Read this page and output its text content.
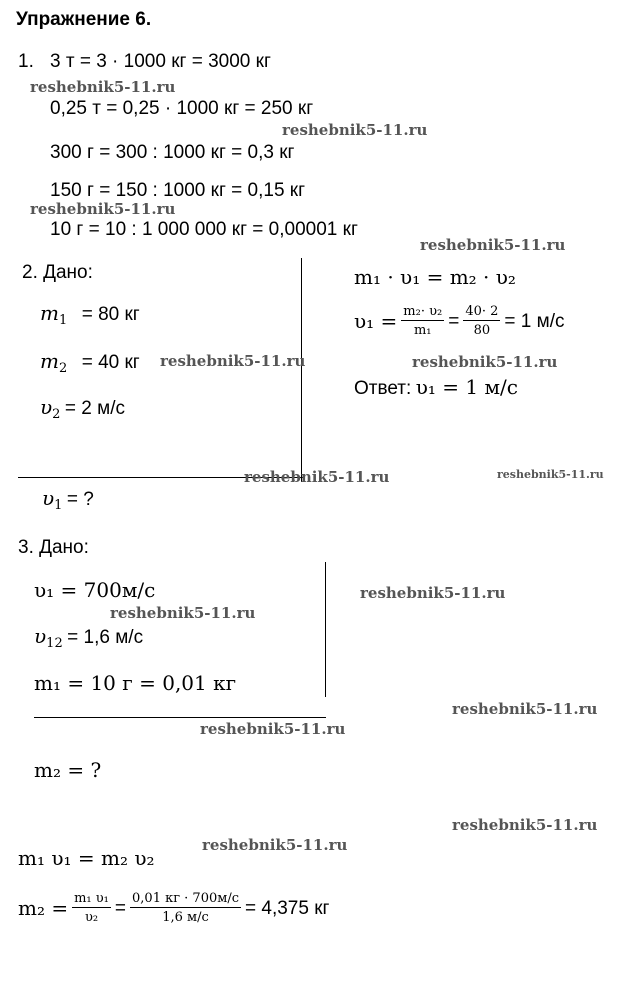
Упражнение 6.
1. 3 т = 3 · 1000 кг = 3000 кг
0,25 т = 0,25 · 1000 кг = 250 кг
300 г = 300 : 1000 кг = 0,3 кг
150 г = 150 : 1000 кг = 0,15 кг
10 г = 10 : 1 000 000 кг = 0,00001 кг
2. Дано:
$m_1 = 80$ кг
$m_2 = 40$ кг
$\upsilon_2 = 2$ м/с
$\upsilon_1$ = ?
m₁ · υ₁ = m₂ · υ₂
$\upsilon_1 = \frac{\text{m₂· υ₂}}{\text{m₁}} = \frac{40\cdot 2}{80} = 1$ м/с
Ответ: υ₁ = 1 м/с
3. Дано:
υ₁ = 700м/с
$\upsilon_{12} = 1,6$ м/с
m₁ = 10 г = 0,01 кг
m₂ = ?
m₁ υ₁ = m₂ υ₂
$m_2 = \frac{\text{m₁ υ₁}}{\text{υ₂}} = \frac{0,01 кг \cdot 700м/с}{1,6 м/с} = 4,375$ кг
reshebnik5-11.ru
reshebnik5-11.ru
reshebnik5-11.ru
reshebnik5-11.ru
reshebnik5-11.ru	reshebnik5-11.ru
reshebnik5-11.ru	reshebnik5-11.ru
reshebnik5-11.ru
reshebnik5-11.ru
reshebnik5-11.ru
reshebnik5-11.ru
reshebnik5-11.ru
reshebnik5-11.ru
